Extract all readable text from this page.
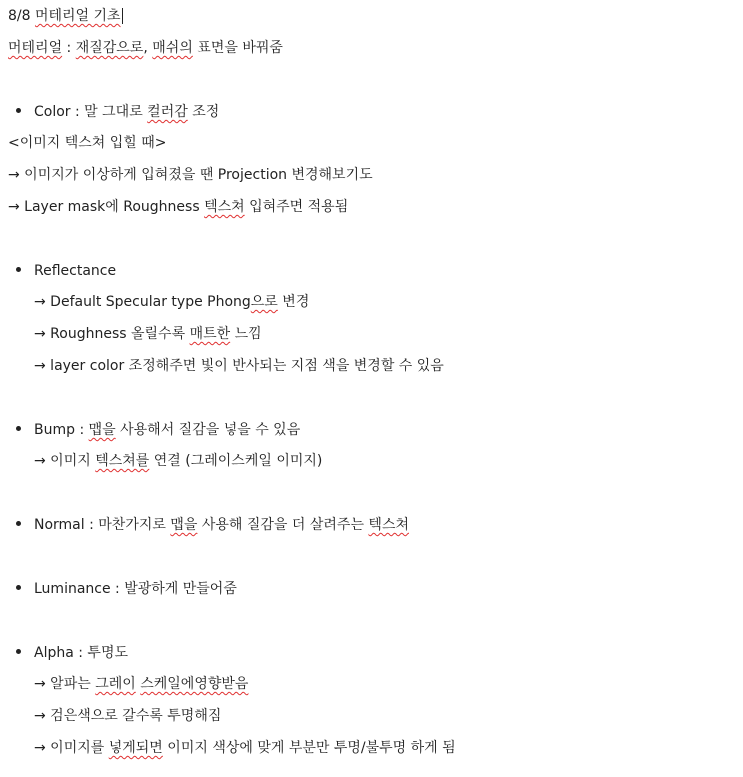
8/8 머테리얼 기초
머테리얼 : 재질감으로, 매쉬의 표면을 바꿔줌
Color : 말 그대로 컬러감 조정
<이미지 텍스쳐 입힐 때>
→ 이미지가 이상하게 입혀졌을 땐 Projection 변경해보기도
→ Layer mask에 Roughness 텍스쳐 입혀주면 적용됨
Reflectance
→ Default Specular type Phong으로 변경
→ Roughness 올릴수록 매트한 느낌
→ layer color 조정해주면 빛이 반사되는 지점 색을 변경할 수 있음
Bump : 맵을 사용해서 질감을 넣을 수 있음
→ 이미지 텍스쳐를 연결 (그레이스케일 이미지)
Normal : 마찬가지로 맵을 사용해 질감을 더 살려주는 텍스쳐
Luminance : 발광하게 만들어줌
Alpha : 투명도
→ 알파는 그레이 스케일에영향받음
→ 검은색으로 갈수록 투명해짐
→ 이미지를 넣게되면 이미지 색상에 맞게 부분만 투명/불투명 하게 됨
